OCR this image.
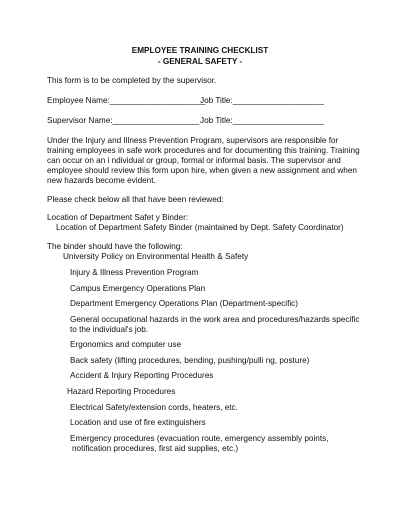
EMPLOYEE TRAINING CHECKLIST
- GENERAL SAFETY -
This form is to be completed by the supervisor.
Employee Name:_____________________
Job Title:____________________
Supervisor Name:___________________ Job Title:____________________
Under the Injury and Illness Prevention Program, supervisors are responsible for
training employees in safe work procedures and for documenting this training. Training
can occur on an i ndividual or group, formal or informal basis. The supervisor and
employee should review this form upon hire, when given a new assignment and when
new hazards become evident.
Please check below all that have been reviewed:
Location of Department Safet y Binder:
Location of Department Safety Binder (maintained by Dept. Safety Coordinator)
The binder should have the following:
University Policy on Environmental Health & Safety
Injury & Illness Prevention Program
Campus Emergency Operations Plan
Department Emergency Operations Plan (Department-specific)
General occupational hazards in the work area and procedures/hazards specific
to the individual's job.
Ergonomics and computer use
Back safety (lifting procedures, bending, pushing/pulli ng, posture)
Accident & Injury Reporting Procedures
Hazard Reporting Procedures
Electrical Safety/extension cords, heaters, etc.
Location and use of fire extinguishers
Emergency procedures (evacuation route, emergency assembly points,
notification procedures, first aid supplies, etc.)
